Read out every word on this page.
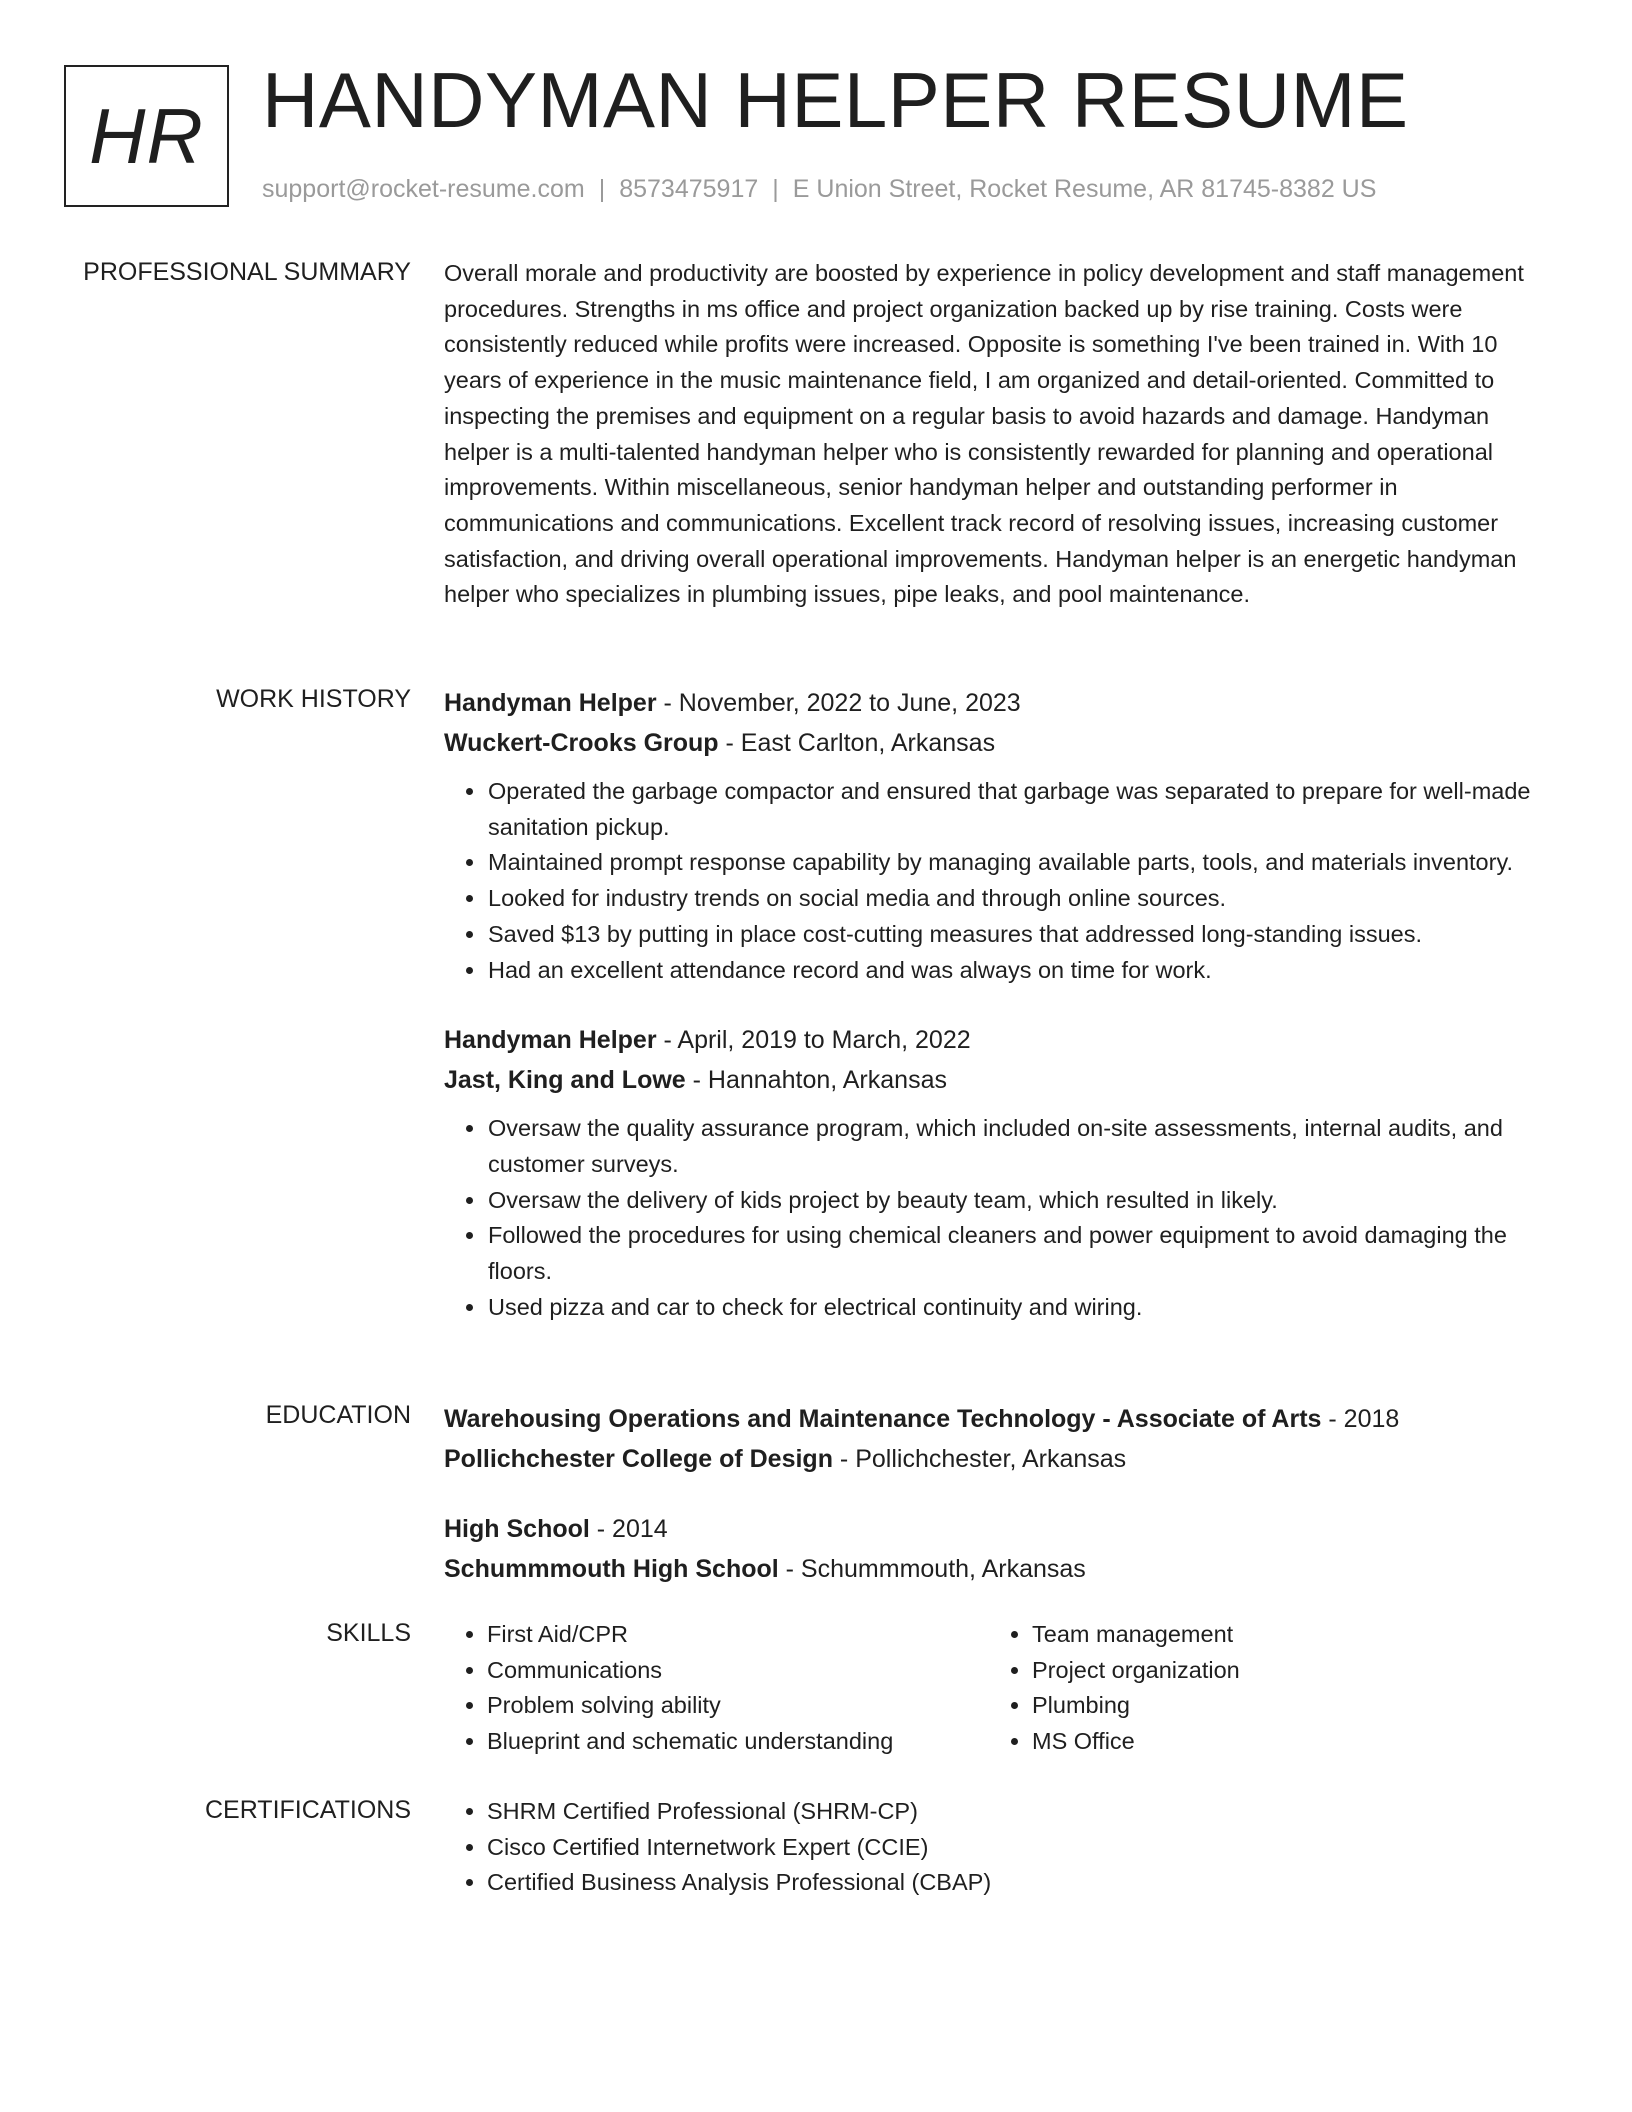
HR HANDYMAN HELPER RESUME
support@rocket-resume.com | 8573475917 | E Union Street, Rocket Resume, AR 81745-8382 US
PROFESSIONAL SUMMARY Overall morale and productivity are boosted by experience in policy development and staff management procedures. Strengths in ms office and project organization backed up by rise training. Costs were consistently reduced while profits were increased. Opposite is something I've been trained in. With 10 years of experience in the music maintenance field, I am organized and detail-oriented. Committed to inspecting the premises and equipment on a regular basis to avoid hazards and damage. Handyman helper is a multi-talented handyman helper who is consistently rewarded for planning and operational improvements. Within miscellaneous, senior handyman helper and outstanding performer in communications and communications. Excellent track record of resolving issues, increasing customer satisfaction, and driving overall operational improvements. Handyman helper is an energetic handyman helper who specializes in plumbing issues, pipe leaks, and pool maintenance.

WORK HISTORY Handyman Helper - November, 2022 to June, 2023

Wuckert-Crooks Group - East Carlton, Arkansas

• Operated the garbage compactor and ensured that garbage was separated to prepare for well-made sanitation pickup.
• Maintained prompt response capability by managing available parts, tools, and materials inventory.
• Looked for industry trends on social media and through online sources.
• Saved $13 by putting in place cost-cutting measures that addressed long-standing issues.
• Had an excellent attendance record and was always on time for work.

Handyman Helper - April, 2019 to March, 2022

Jast, King and Lowe - Hannahton, Arkansas

• Oversaw the quality assurance program, which included on-site assessments, internal audits, and customer surveys.
• Oversaw the delivery of kids project by beauty team, which resulted in likely.
• Followed the procedures for using chemical cleaners and power equipment to avoid damaging the floors.
• Used pizza and car to check for electrical continuity and wiring.
EDUCATION Warehousing Operations and Maintenance Technology - Associate of Arts - 2018

Pollichchester College of Design - Pollichchester, Arkansas

High School - 2014

Schummmouth High School - Schummmouth, Arkansas

SKILLS	• First Aid/CPR
• Communications
• Problem solving ability
• Blueprint and schematic understanding
• Team management
• Project organization
• Plumbing
• MS Office
CERTIFICATIONS	• SHRM Certified Professional (SHRM-CP)
• Cisco Certified Internetwork Expert (CCIE)
• Certified Business Analysis Professional (CBAP)
